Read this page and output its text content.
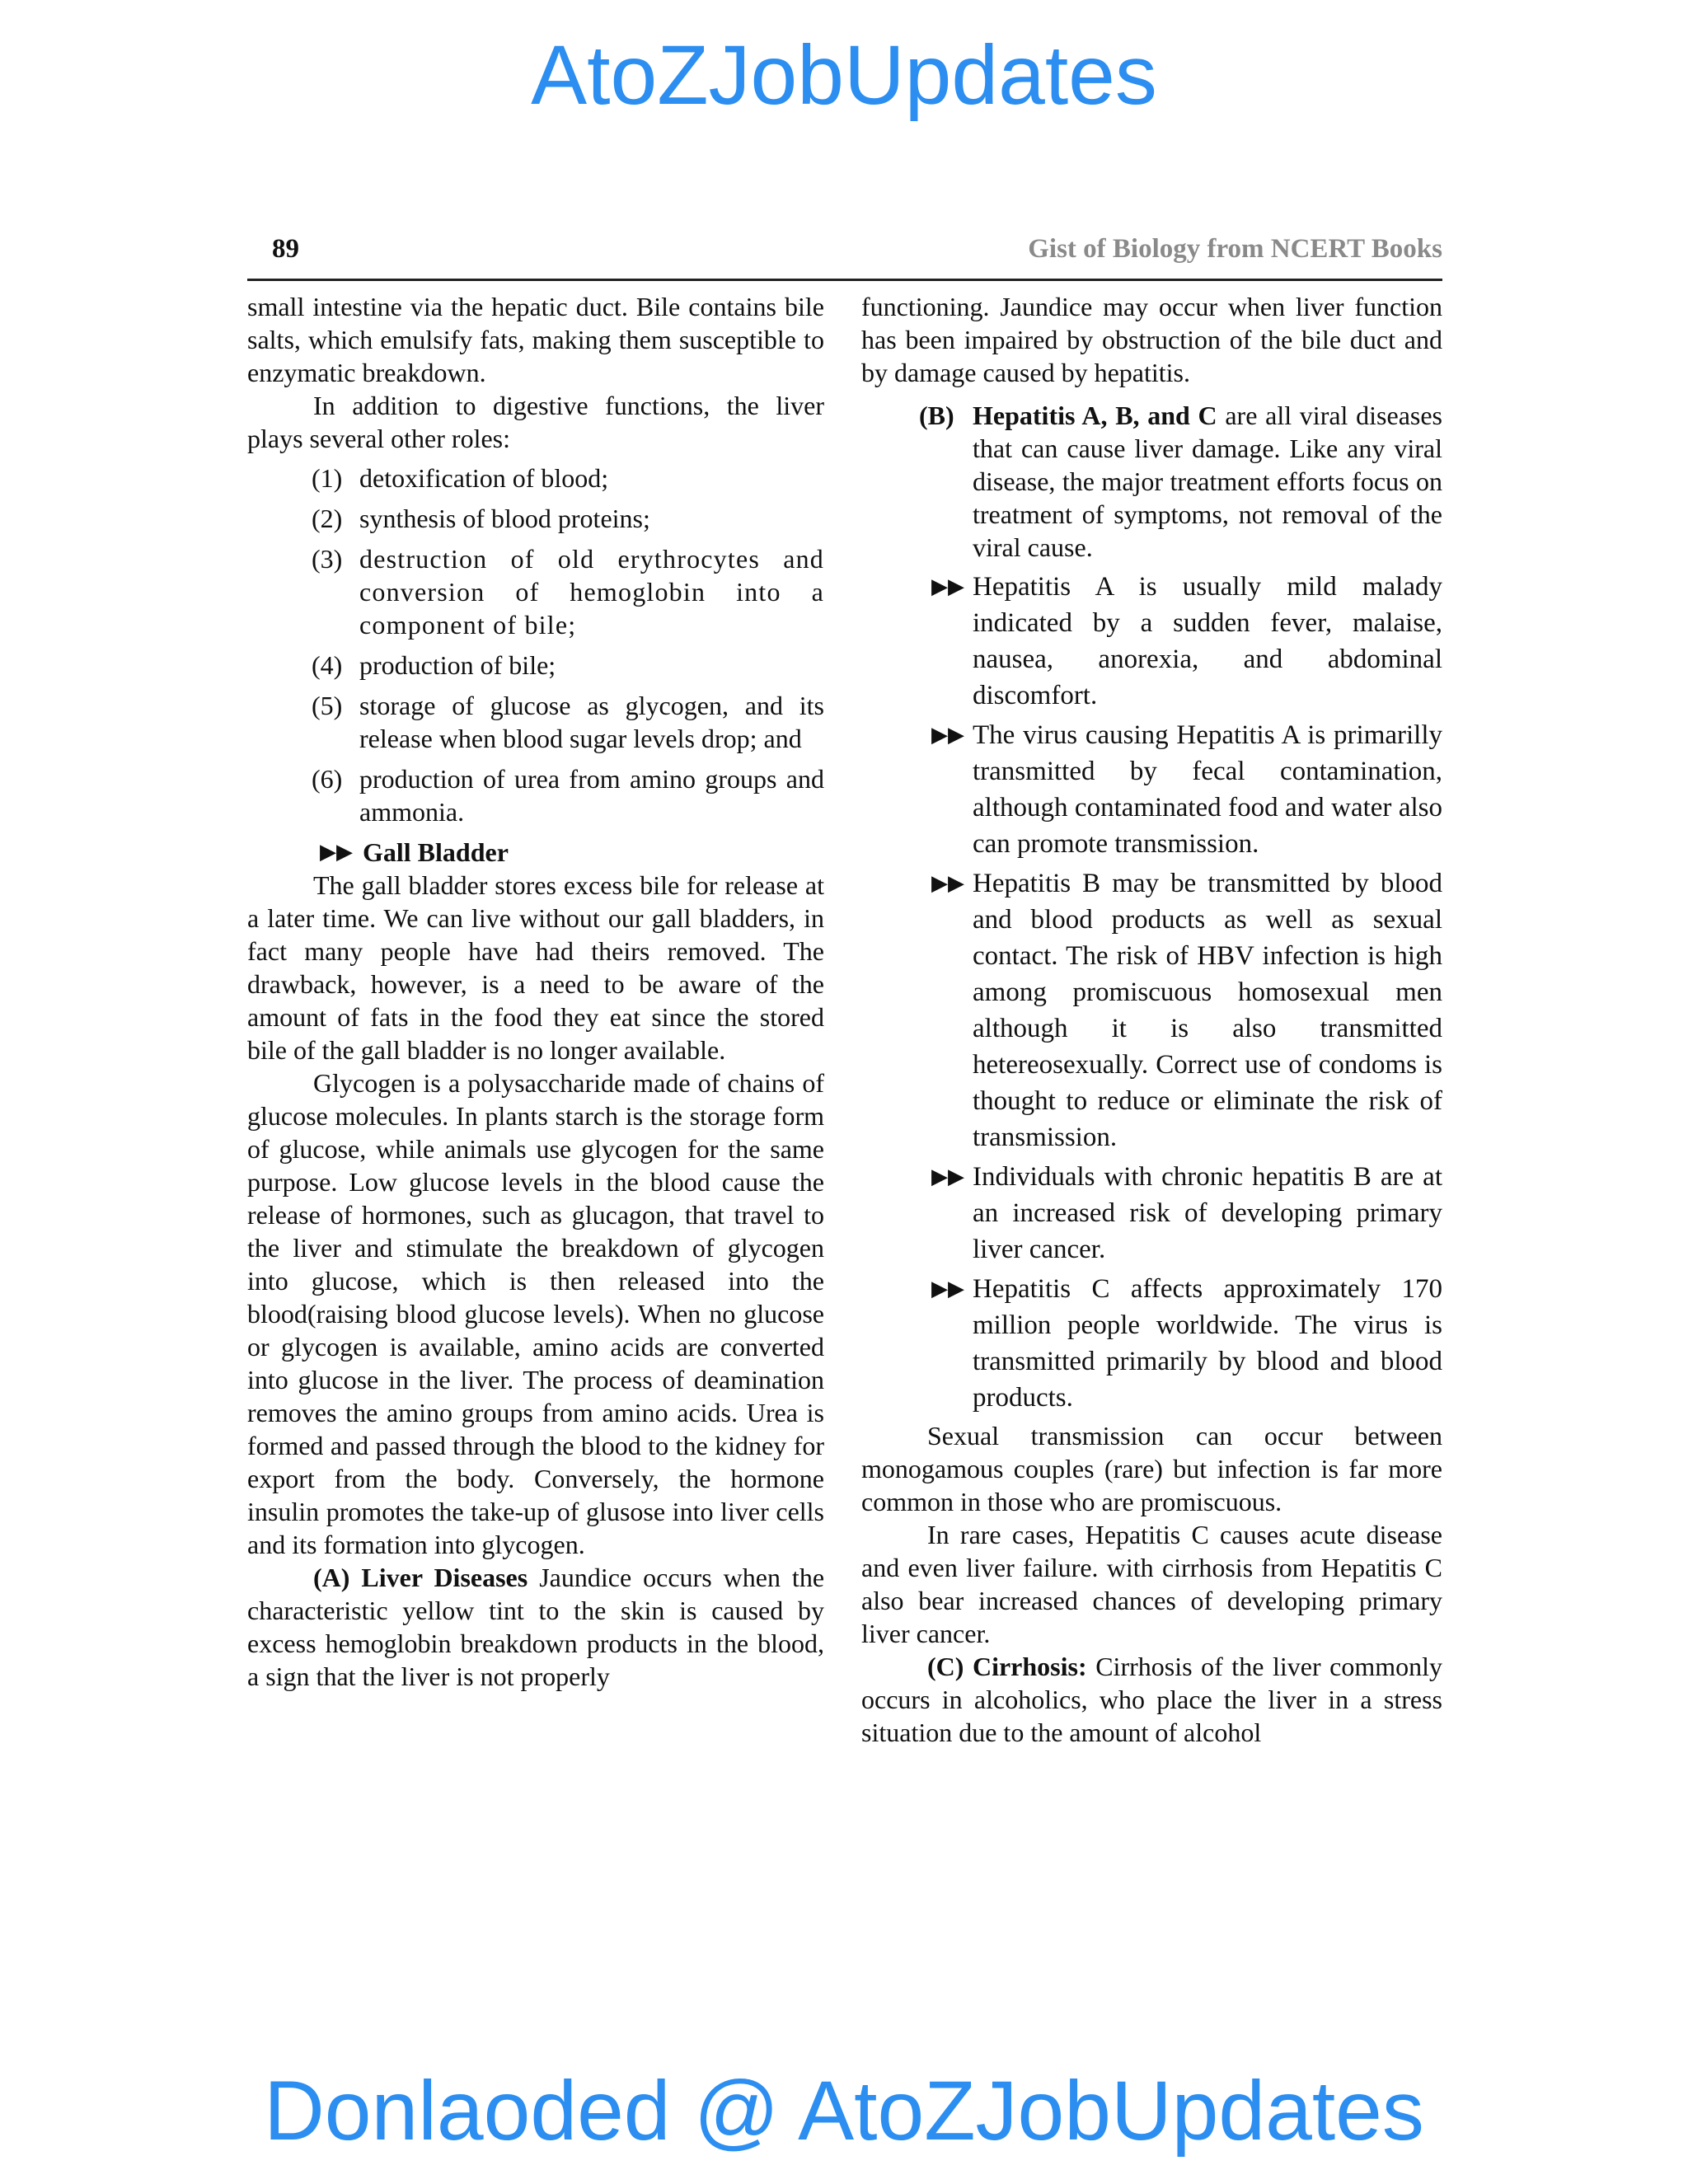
AtoZJobUpdates
89	Gist of Biology from NCERT Books

small intestine via the hepatic duct. Bile contains bile salts, which emulsify fats, making them susceptible to enzymatic breakdown.

In addition to digestive functions, the liver plays several other roles:

(1) detoxification of blood;
(2) synthesis of blood proteins;
(3) destruction of old erythrocytes and conversion of hemoglobin into a component of bile;
(4) production of bile;
(5) storage of glucose as glycogen, and its release when blood sugar levels drop; and
(6) production of urea from amino groups and ammonia.
▶▶ Gall Bladder

The gall bladder stores excess bile for release at a later time. We can live without our gall bladders, in fact many people have had theirs removed. The drawback, however, is a need to be aware of the amount of fats in the food they eat since the stored bile of the gall bladder is no longer available.

Glycogen is a polysaccharide made of chains of glucose molecules. In plants starch is the storage form of glucose, while animals use glycogen for the same purpose. Low glucose levels in the blood cause the release of hormones, such as glucagon, that travel to the liver and stimulate the breakdown of glycogen into glucose, which is then released into the blood(raising blood glucose levels). When no glucose or glycogen is available, amino acids are converted into glucose in the liver. The process of deamination removes the amino groups from amino acids. Urea is formed and passed through the blood to the kidney for export from the body. Conversely, the hormone insulin promotes the take-up of glusose into liver cells and its formation into glycogen.

(A) Liver Diseases Jaundice occurs when the characteristic yellow tint to the skin is caused by excess hemoglobin breakdown products in the blood, a sign that the liver is not properly

functioning. Jaundice may occur when liver function has been impaired by obstruction of the bile duct and by damage caused by hepatitis.

(B) Hepatitis A, B, and C are all viral diseases that can cause liver damage. Like any viral disease, the major treatment efforts focus on treatment of symptoms, not removal of the viral cause.
▶▶ Hepatitis A is usually mild malady indicated by a sudden fever, malaise, nausea, anorexia, and abdominal discomfort.
▶▶ The virus causing Hepatitis A is primarilly transmitted by fecal contamination, although contaminated food and water also can promote transmission.
▶▶ Hepatitis B may be transmitted by blood and blood products as well as sexual contact. The risk of HBV infection is high among promiscuous homosexual men although it is also transmitted hetereosexually. Correct use of condoms is thought to reduce or eliminate the risk of transmission.
▶▶ Individuals with chronic hepatitis B are at an increased risk of developing primary liver cancer.
▶▶ Hepatitis C affects approximately 170 million people worldwide. The virus is transmitted primarily by blood and blood products.

Sexual transmission can occur between monogamous couples (rare) but infection is far more common in those who are promiscuous.

In rare cases, Hepatitis C causes acute disease and even liver failure. with cirrhosis from Hepatitis C also bear increased chances of developing primary liver cancer.

(C) Cirrhosis: Cirrhosis of the liver commonly occurs in alcoholics, who place the liver in a stress situation due to the amount of alcohol

Donlaoded @ AtoZJobUpdates
